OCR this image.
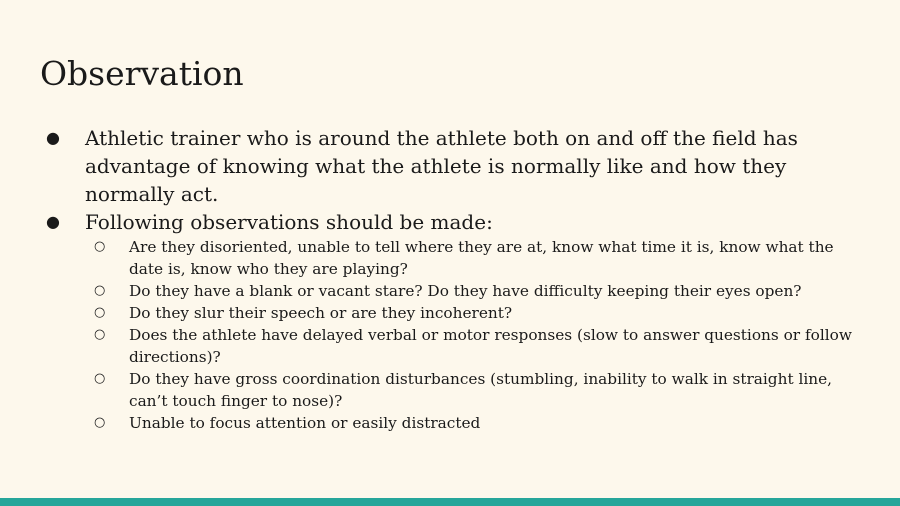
Observation
● Athletic trainer who is around the athlete both on and off the field has advantage of knowing what the athlete is normally like and how they normally act.
● Following observations should be made:
○ Are they disoriented, unable to tell where they are at, know what time it is, know what the date is, know who they are playing?
○ Do they have a blank or vacant stare? Do they have difficulty keeping their eyes open?
○ Do they slur their speech or are they incoherent?
○ Does the athlete have delayed verbal or motor responses (slow to answer questions or follow directions)?
○ Do they have gross coordination disturbances (stumbling, inability to walk in straight line, can’t touch finger to nose)?
○ Unable to focus attention or easily distracted
